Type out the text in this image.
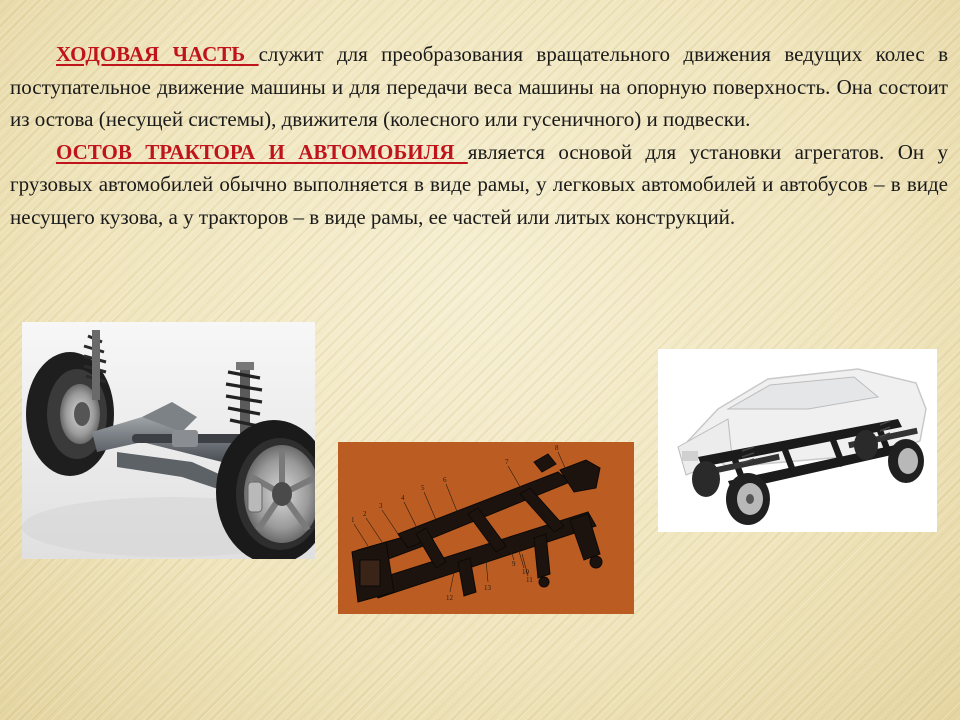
ХОДОВАЯ ЧАСТЬ служит для преобразования вращательного движения ведущих колес в поступательное движение машины и для передачи веса машины на опорную поверхность. Она состоит из остова (несущей системы), движителя (колесного или гусеничного) и подвески.

ОСТОВ ТРАКТОРА И АВТОМОБИЛЯ является основой для установки агрегатов. Он у грузовых автомобилей обычно выполняется в виде рамы, у легковых автомобилей и автобусов – в виде несущего кузова, а у тракторов – в виде рамы, ее частей или литых конструкций.

1
2
3
4
5
6
7
8
9
10
11
12
13
